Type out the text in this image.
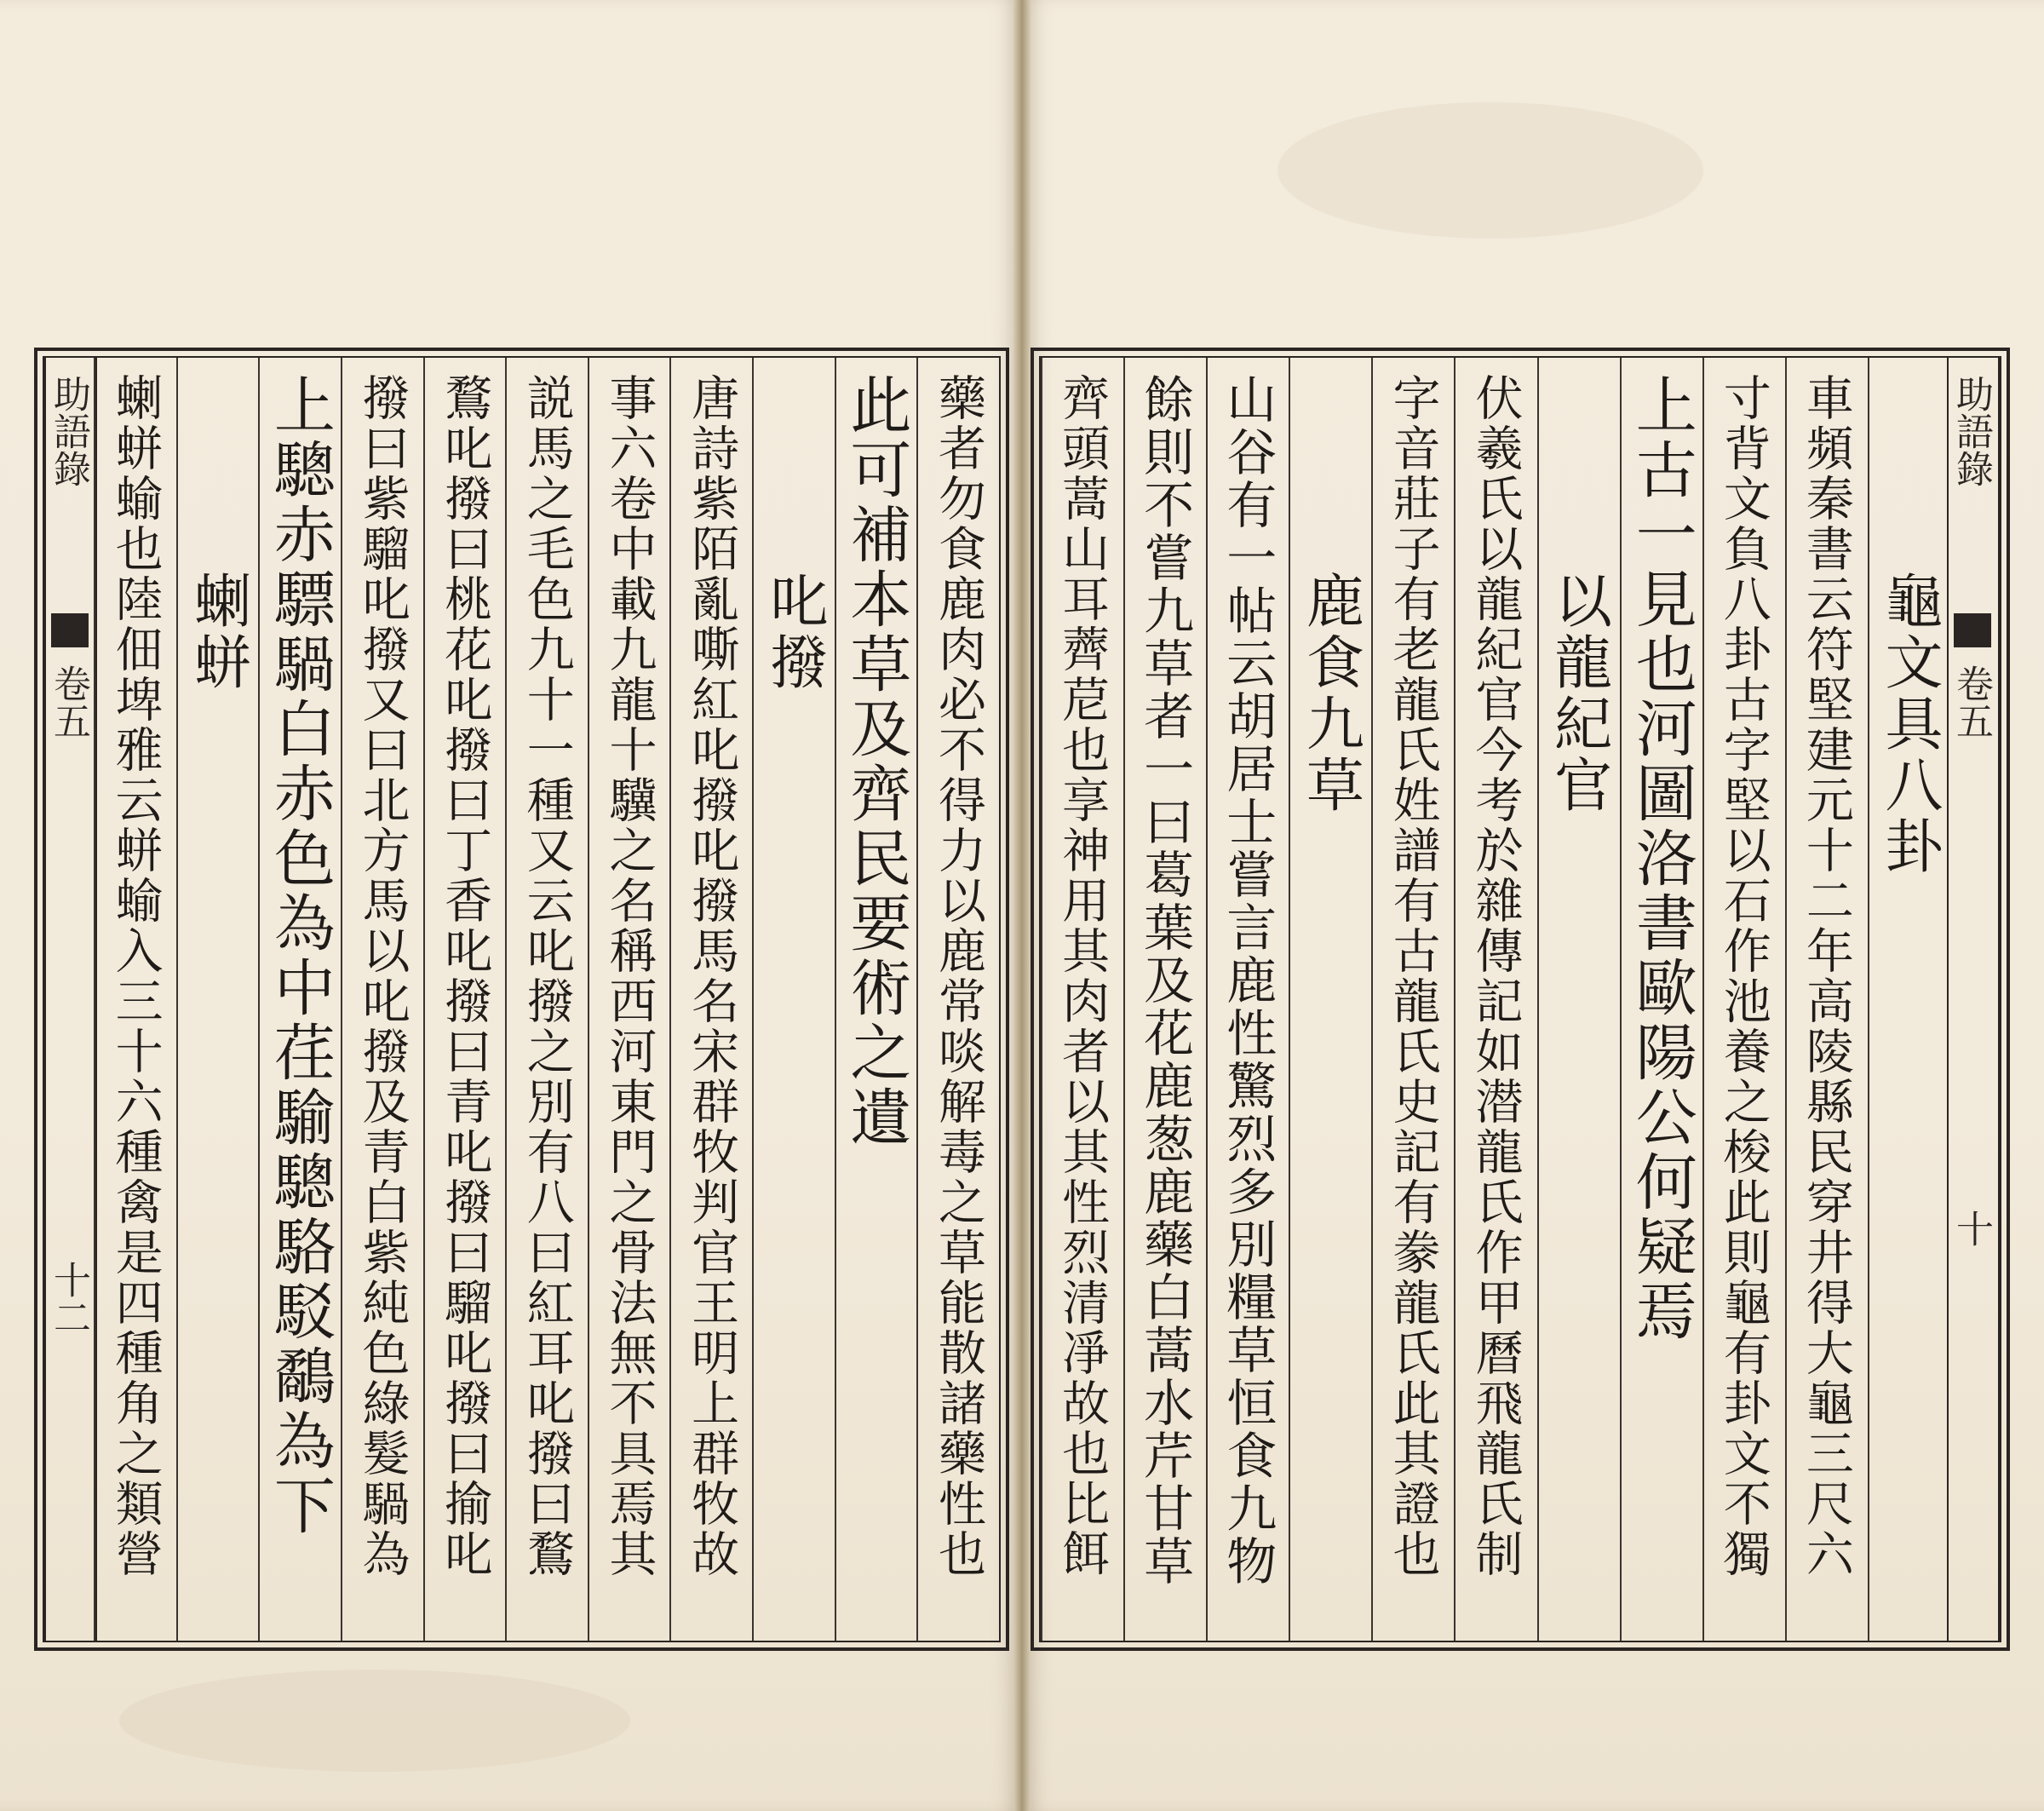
助語錄
卷五
十二	藥者勿食鹿肉必不得力以鹿常啖解毒之草能散諸藥性也
此可補本草及齊民要術之遺
叱撥
唐詩紫陌亂嘶紅叱撥叱撥馬名宋群牧判官王明上群牧故
事六卷中載九龍十驥之名稱西河東門之骨法無不具焉其
説馬之毛色九十一種又云叱撥之別有八曰紅耳叱撥曰鶩
鶩叱撥曰桃花叱撥曰丁香叱撥曰青叱撥曰騮叱撥曰揄叱
撥曰紫騮叱撥又曰北方馬以叱撥及青白紫純色綠髮騧為
上驄赤驃騧白赤色為中荏騟驄駱駁鷸為下
蝲蛢
蝲蛢蝓也陸佃埤雅云蛢蝓入三十六種禽是四種角之類營	助語錄
卷五
十
龜文具八卦
車頻秦書云符堅建元十二年高陵縣民穿井得大龜三尺六
寸背文負八卦古字堅以石作池養之梭此則龜有卦文不獨
上古一見也河圖洛書歐陽公何疑焉
以龍紀官
伏羲氏以龍紀官今考於雜傳記如潜龍氏作甲曆飛龍氏制
字音莊子有老龍氏姓譜有古龍氏史記有豢龍氏此其證也
鹿食九草
山谷有一帖云胡居士嘗言鹿性驚烈多別糧草恒食九物
餘則不嘗九草者一曰葛葉及花鹿葱鹿藥白蒿水芹甘草
齊頭蒿山耳薺苨也享神用其肉者以其性烈清凈故也比餌
